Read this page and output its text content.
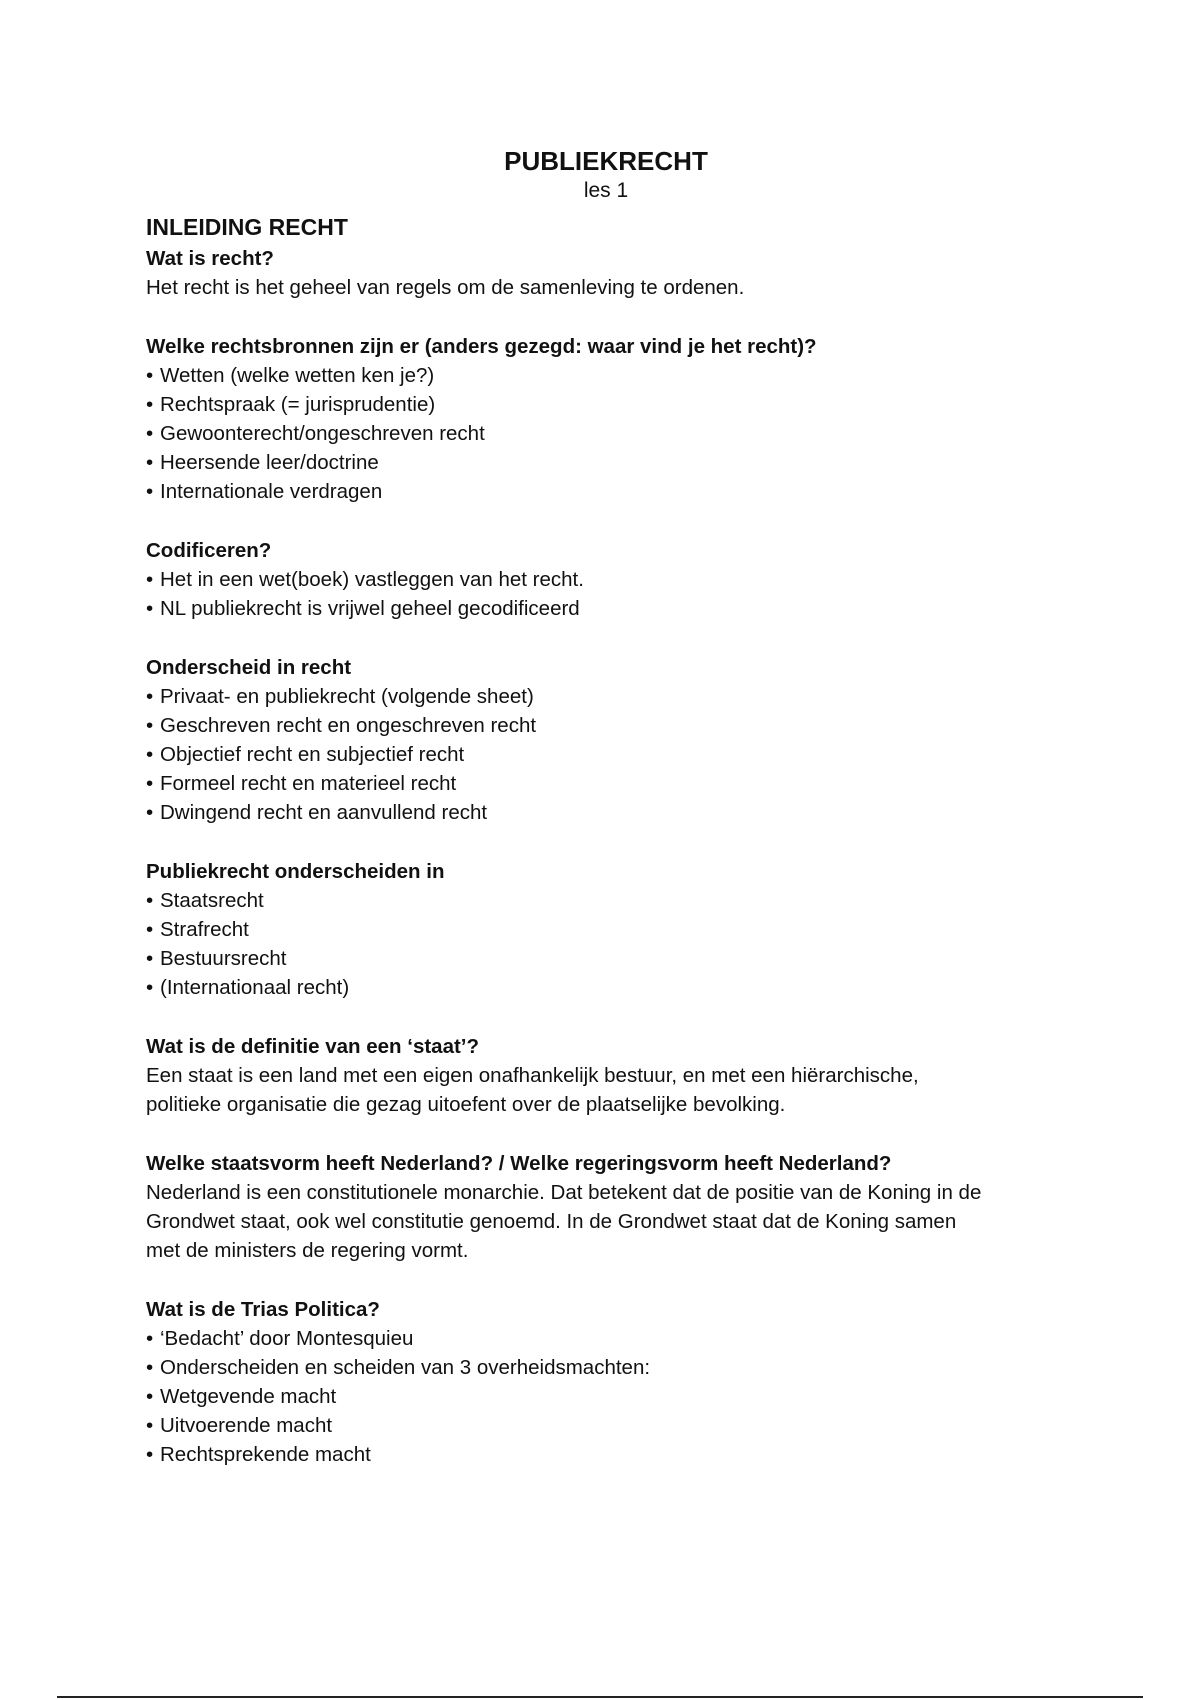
PUBLIEKRECHT

les 1

INLEIDING RECHT
Wat is recht?

Het recht is het geheel van regels om de samenleving te ordenen.

Welke rechtsbronnen zijn er (anders gezegd: waar vind je het recht)?
• Wetten (welke wetten ken je?)
• Rechtspraak (= jurisprudentie)
• Gewoonterecht/ongeschreven recht
• Heersende leer/doctrine
• Internationale verdragen
Codificeren?
• Het in een wet(boek) vastleggen van het recht.
• NL publiekrecht is vrijwel geheel gecodificeerd
Onderscheid in recht
• Privaat- en publiekrecht (volgende sheet)
• Geschreven recht en ongeschreven recht
• Objectief recht en subjectief recht
• Formeel recht en materieel recht
• Dwingend recht en aanvullend recht
Publiekrecht onderscheiden in
• Staatsrecht
• Strafrecht
• Bestuursrecht
• (Internationaal recht)
Wat is de definitie van een ‘staat’?

Een staat is een land met een eigen onafhankelijk bestuur, en met een hiërarchische,

politieke organisatie die gezag uitoefent over de plaatselijke bevolking.

Welke staatsvorm heeft Nederland? / Welke regeringsvorm heeft Nederland?

Nederland is een constitutionele monarchie. Dat betekent dat de positie van de Koning in de

Grondwet staat, ook wel constitutie genoemd. In de Grondwet staat dat de Koning samen

met de ministers de regering vormt.

Wat is de Trias Politica?
• ‘Bedacht’ door Montesquieu
• Onderscheiden en scheiden van 3 overheidsmachten:
• Wetgevende macht
• Uitvoerende macht
• Rechtsprekende macht
